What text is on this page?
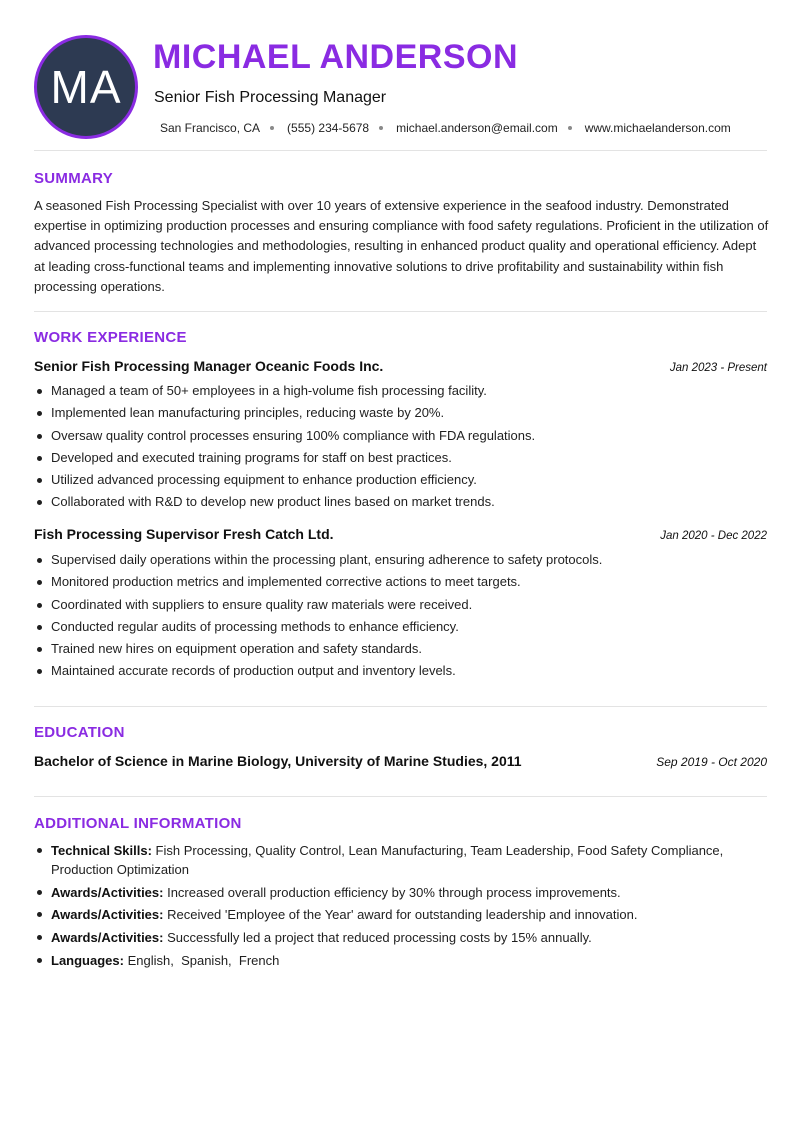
MA
MICHAEL ANDERSON
Senior Fish Processing Manager
San Francisco, CA (555) 234-5678 michael.anderson@email.com www.michaelanderson.com
SUMMARY

A seasoned Fish Processing Specialist with over 10 years of extensive experience in the seafood industry. Demonstrated expertise in optimizing production processes and ensuring compliance with food safety regulations. Proficient in the utilization of advanced processing technologies and methodologies, resulting in enhanced product quality and operational efficiency. Adept at leading cross-functional teams and implementing innovative solutions to drive profitability and sustainability within fish processing operations.

WORK EXPERIENCE
Senior Fish Processing Manager Oceanic Foods Inc.	Jan 2023 - Present
Managed a team of 50+ employees in a high-volume fish processing facility.
Implemented lean manufacturing principles, reducing waste by 20%.
Oversaw quality control processes ensuring 100% compliance with FDA regulations.
Developed and executed training programs for staff on best practices.
Utilized advanced processing equipment to enhance production efficiency.
Collaborated with R&D to develop new product lines based on market trends.
Fish Processing Supervisor Fresh Catch Ltd.	Jan 2020 - Dec 2022
Supervised daily operations within the processing plant, ensuring adherence to safety protocols.
Monitored production metrics and implemented corrective actions to meet targets.
Coordinated with suppliers to ensure quality raw materials were received.
Conducted regular audits of processing methods to enhance efficiency.
Trained new hires on equipment operation and safety standards.
Maintained accurate records of production output and inventory levels.
EDUCATION
Bachelor of Science in Marine Biology, University of Marine Studies, 2011	Sep 2019 - Oct 2020
ADDITIONAL INFORMATION
Technical Skills: Fish Processing, Quality Control, Lean Manufacturing, Team Leadership, Food Safety Compliance, Production Optimization
Awards/Activities: Increased overall production efficiency by 30% through process improvements.
Awards/Activities: Received 'Employee of the Year' award for outstanding leadership and innovation.
Awards/Activities: Successfully led a project that reduced processing costs by 15% annually.
Languages: English,  Spanish,  French
